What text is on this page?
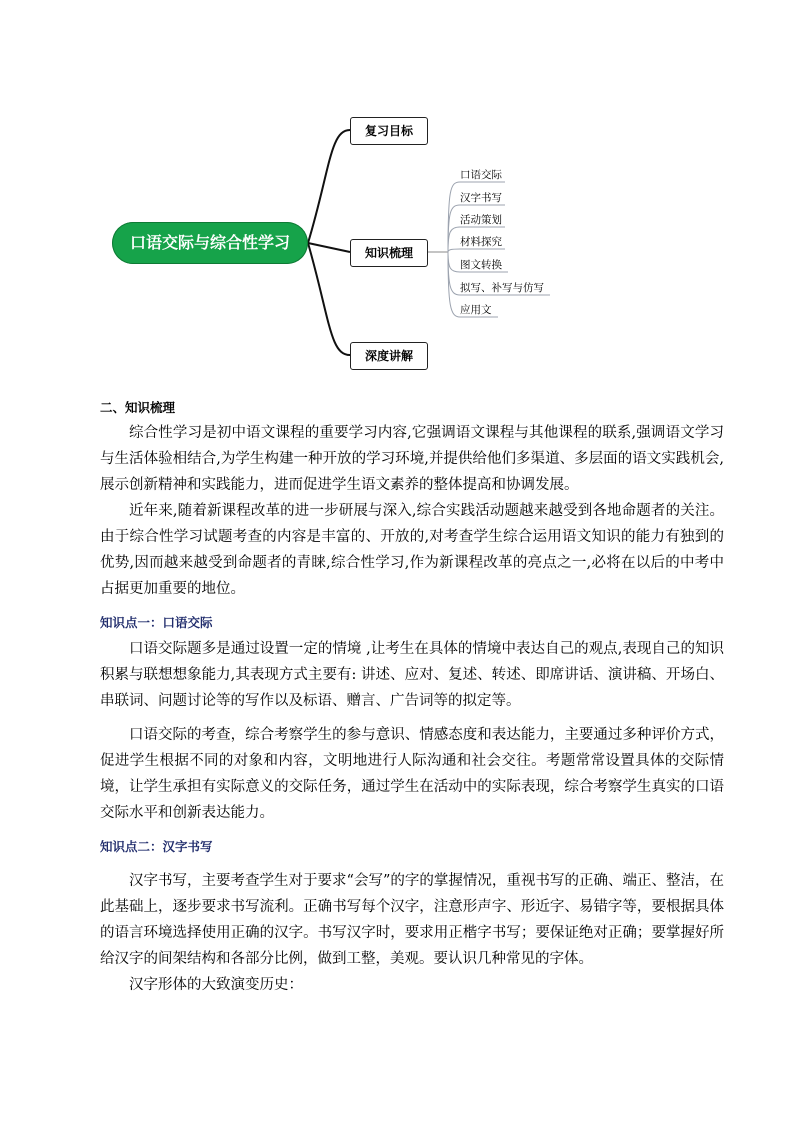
口语交际与综合性学习
复习目标
知识梳理
深度讲解
口语交际
汉字书写
活动策划
材料探究
图文转换
拟写、补写与仿写
应用文
二、知识梳理

综合性学习是初中语文课程的重要学习内容,它强调语文课程与其他课程的联系,强调语文学习与生活体验相结合,为学生构建一种开放的学习环境,并提供给他们多渠道、多层面的语文实践机会,展示创新精神和实践能力，进而促进学生语文素养的整体提高和协调发展。

近年来,随着新课程改革的进一步研展与深入,综合实践活动题越来越受到各地命题者的关注。由于综合性学习试题考查的内容是丰富的、开放的,对考查学生综合运用语文知识的能力有独到的优势,因而越来越受到命题者的青睐,综合性学习,作为新课程改革的亮点之一,必将在以后的中考中占据更加重要的地位。

知识点一：口语交际

口语交际题多是通过设置一定的情境 ,让考生在具体的情境中表达自己的观点,表现自己的知识积累与联想想象能力,其表现方式主要有: 讲述、应对、复述、转述、即席讲话、演讲稿、开场白、串联词、问题讨论等的写作以及标语、赠言、广告词等的拟定等。

口语交际的考查，综合考察学生的参与意识、情感态度和表达能力，主要通过多种评价方式，促进学生根据不同的对象和内容，文明地进行人际沟通和社会交往。考题常常设置具体的交际情境，让学生承担有实际意义的交际任务，通过学生在活动中的实际表现，综合考察学生真实的口语交际水平和创新表达能力。

知识点二：汉字书写

汉字书写，主要考查学生对于要求“会写”的字的掌握情况，重视书写的正确、端正、整洁，在此基础上，逐步要求书写流利。正确书写每个汉字，注意形声字、形近字、易错字等，要根据具体的语言环境选择使用正确的汉字。书写汉字时，要求用正楷字书写；要保证绝对正确；要掌握好所给汉字的间架结构和各部分比例，做到工整，美观。要认识几种常见的字体。

汉字形体的大致演变历史：
